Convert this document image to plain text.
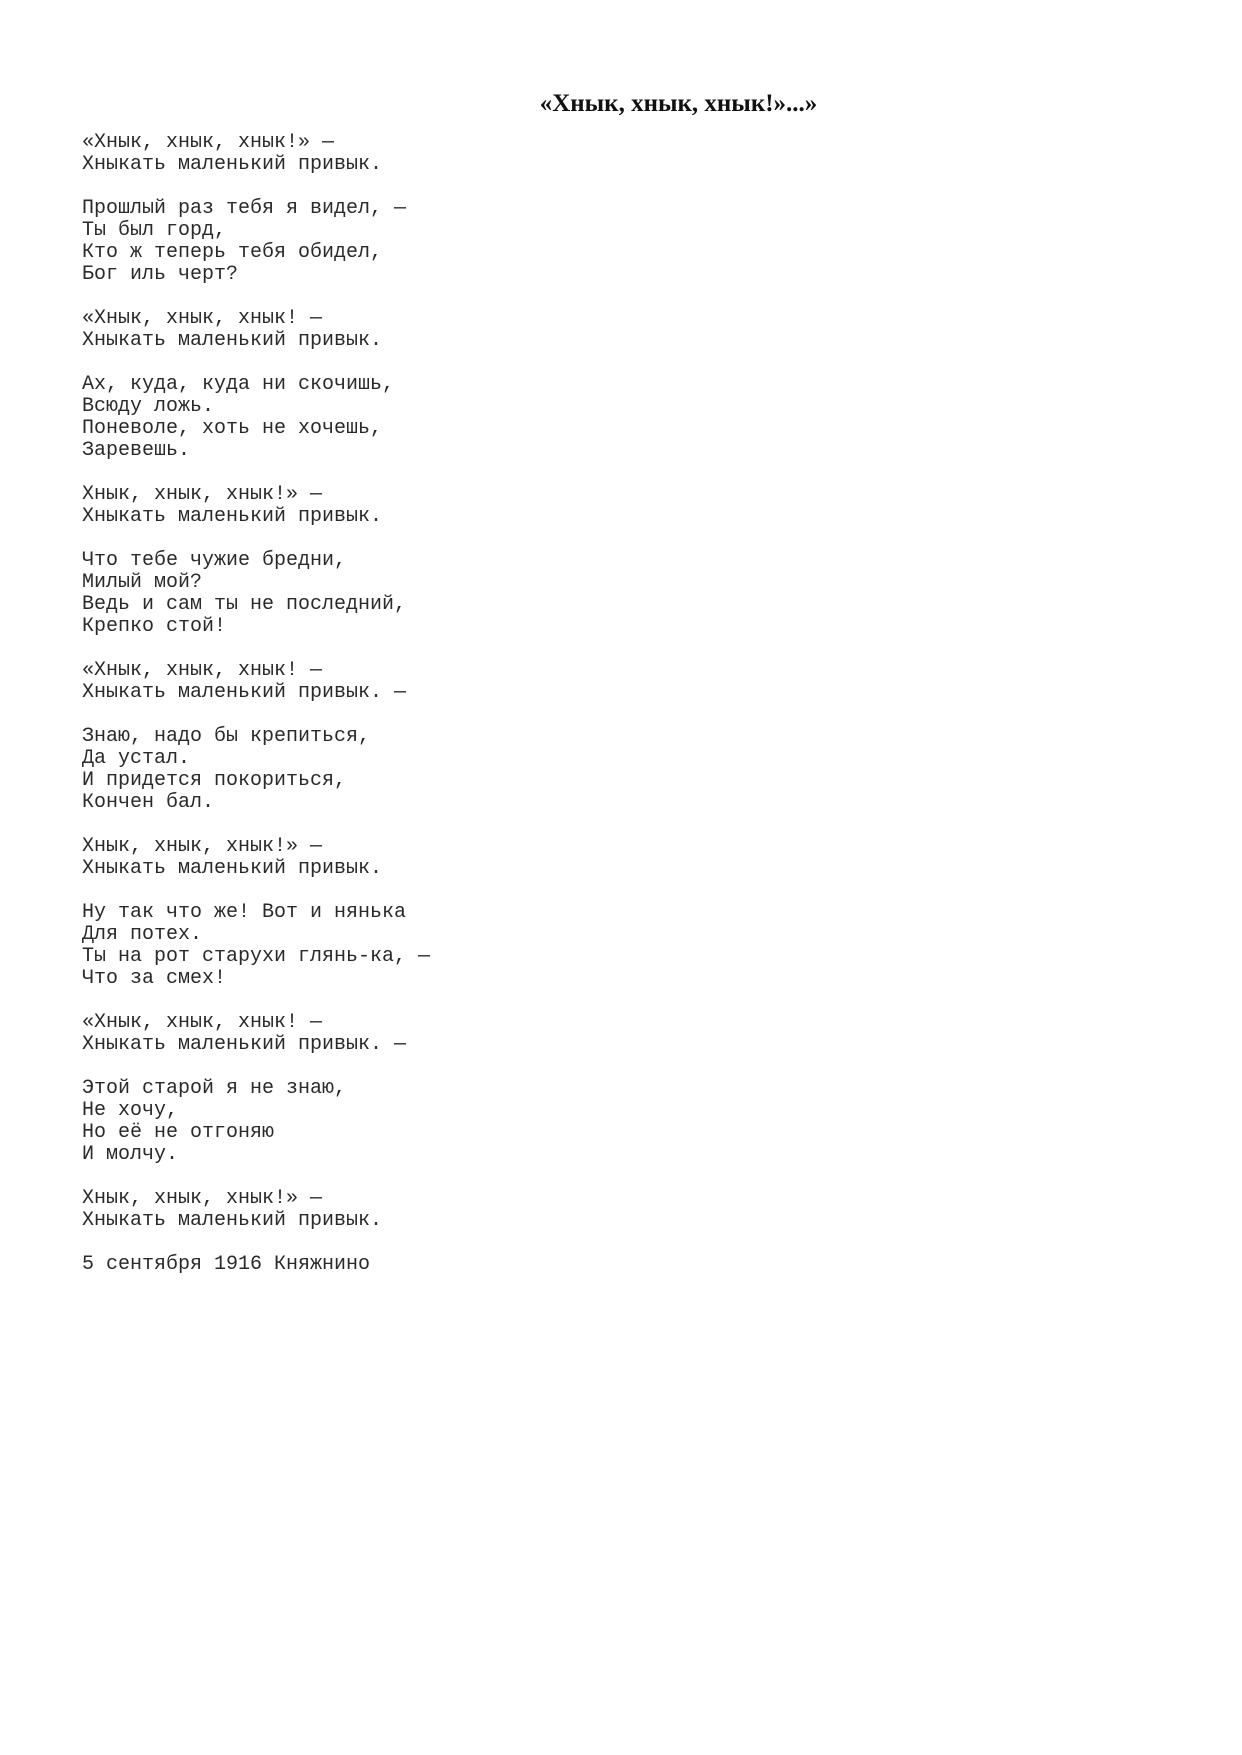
«Хнык, хнык, хнык!»...»
«Хнык, хнык, хнык!» —
Хныкать маленький привык.
Прошлый раз тебя я видел, —
Ты был горд,
Кто ж теперь тебя обидел,
Бог иль черт?
«Хнык, хнык, хнык! —
Хныкать маленький привык.
Ах, куда, куда ни скочишь,
Всюду ложь.
Поневоле, хоть не хочешь,
Заревешь.
Хнык, хнык, хнык!» —
Хныкать маленький привык.
Что тебе чужие бредни,
Милый мой?
Ведь и сам ты не последний,
Крепко стой!
«Хнык, хнык, хнык! —
Хныкать маленький привык. —
Знаю, надо бы крепиться,
Да устал.
И придется покориться,
Кончен бал.
Хнык, хнык, хнык!» —
Хныкать маленький привык.
Ну так что же! Вот и нянька
Для потех.
Ты на рот старухи глянь-ка, —
Что за смех!
«Хнык, хнык, хнык! —
Хныкать маленький привык. —
Этой старой я не знаю,
Не хочу,
Но её не отгоняю
И молчу.
Хнык, хнык, хнык!» —
Хныкать маленький привык.
5 сентября 1916 Княжнино
